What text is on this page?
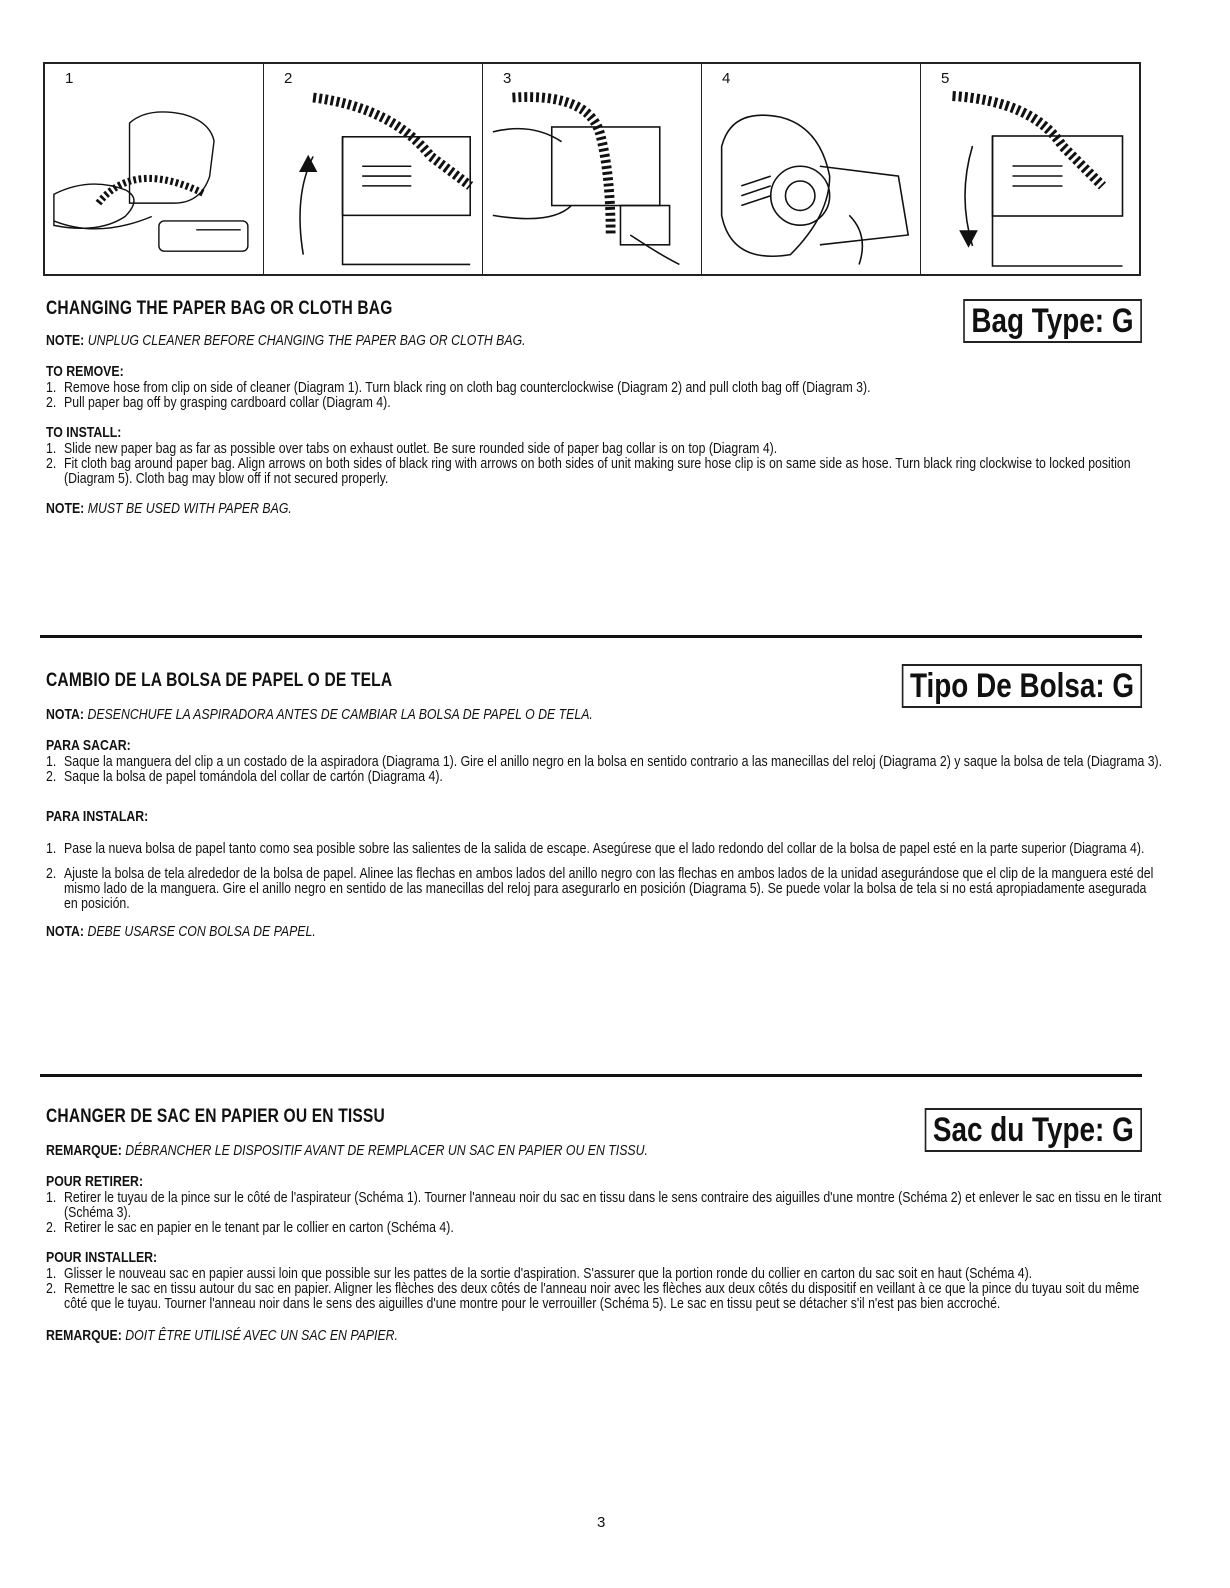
1	2	3	4	5
CHANGING THE PAPER BAG OR CLOTH BAG
NOTE: UNPLUG CLEANER BEFORE CHANGING THE PAPER BAG OR CLOTH BAG.
TO REMOVE:
1. Remove hose from clip on side of cleaner (Diagram 1). Turn black ring on cloth bag counterclockwise (Diagram 2) and pull cloth bag off (Diagram 3).
2. Pull paper bag off by grasping cardboard collar (Diagram 4).
TO INSTALL:
1. Slide new paper bag as far as possible over tabs on exhaust outlet. Be sure rounded side of paper bag collar is on top (Diagram 4).
2. Fit cloth bag around paper bag. Align arrows on both sides of black ring with arrows on both sides of unit making sure hose clip is on same side as hose. Turn black ring clockwise to locked position (Diagram 5). Cloth bag may blow off if not secured properly.
NOTE: MUST BE USED WITH PAPER BAG.
Bag Type: G
CAMBIO DE LA BOLSA DE PAPEL O DE TELA
NOTA: DESENCHUFE LA ASPIRADORA ANTES DE CAMBIAR LA BOLSA DE PAPEL O DE TELA.
PARA SACAR:
1. Saque la manguera del clip a un costado de la aspiradora (Diagrama 1). Gire el anillo negro en la bolsa en sentido contrario a las manecillas del reloj (Diagrama 2) y saque la bolsa de tela (Diagrama 3).
2. Saque la bolsa de papel tomándola del collar de cartón (Diagrama 4).
PARA INSTALAR:
1. Pase la nueva bolsa de papel tanto como sea posible sobre las salientes de la salida de escape. Asegúrese que el lado redondo del collar de la bolsa de papel esté en la parte superior (Diagrama 4).
2. Ajuste la bolsa de tela alrededor de la bolsa de papel. Alinee las flechas en ambos lados del anillo negro con las flechas en ambos lados de la unidad asegurándose que el clip de la manguera esté del mismo lado de la manguera. Gire el anillo negro en sentido de las manecillas del reloj para asegurarlo en posición (Diagrama 5). Se puede volar la bolsa de tela si no está apropiadamente asegurada en posición.
NOTA: DEBE USARSE CON BOLSA DE PAPEL.
Tipo De Bolsa: G
CHANGER DE SAC EN PAPIER OU EN TISSU
REMARQUE: DÉBRANCHER LE DISPOSITIF AVANT DE REMPLACER UN SAC EN PAPIER OU EN TISSU.
POUR RETIRER:
1. Retirer le tuyau de la pince sur le côté de l'aspirateur (Schéma 1). Tourner l'anneau noir du sac en tissu dans le sens contraire des aiguilles d'une montre (Schéma 2) et enlever le sac en tissu en le tirant (Schéma 3).
2. Retirer le sac en papier en le tenant par le collier en carton (Schéma 4).
POUR INSTALLER:
1. Glisser le nouveau sac en papier aussi loin que possible sur les pattes de la sortie d'aspiration. S'assurer que la portion ronde du collier en carton du sac soit en haut (Schéma 4).
2. Remettre le sac en tissu autour du sac en papier. Aligner les flèches des deux côtés de l'anneau noir avec les flèches aux deux côtés du dispositif en veillant à ce que la pince du tuyau soit du même côté que le tuyau. Tourner l'anneau noir dans le sens des aiguilles d'une montre pour le verrouiller (Schéma 5). Le sac en tissu peut se détacher s'il n'est pas bien accroché.
REMARQUE: DOIT ÊTRE UTILISÉ AVEC UN SAC EN PAPIER.
Sac du Type: G
3
